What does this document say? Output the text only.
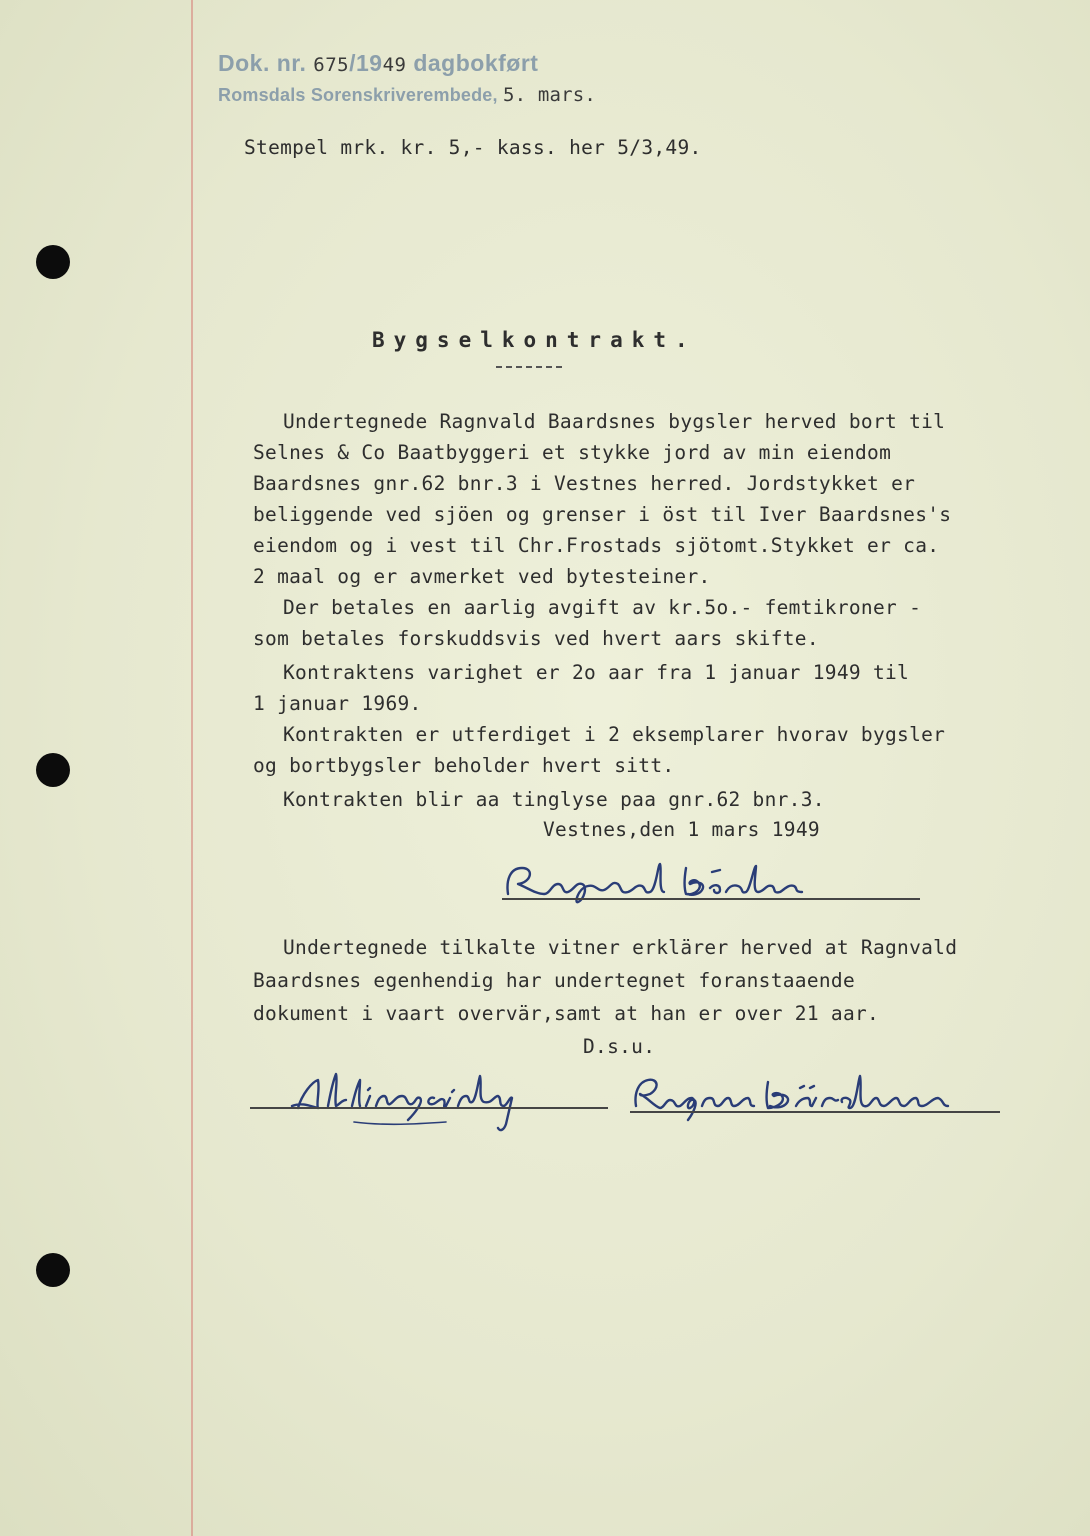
Dok. nr. 675/1949 dagbokført
Romsdals Sorenskriverembede, 5. mars.
Stempel mrk. kr. 5,- kass. her 5/3,49.
Bygselkontrakt.
Undertegnede Ragnvald Baardsnes bygsler herved bort til
Selnes & Co Baatbyggeri et stykke jord av min eiendom
Baardsnes gnr.62 bnr.3 i Vestnes herred. Jordstykket er
beliggende ved sjöen og grenser i öst til Iver Baardsnes's
eiendom og i vest til Chr.Frostads sjötomt.Stykket er ca.
2 maal og er avmerket ved bytesteiner.
Der betales en aarlig avgift av kr.5o.- femtikroner -
som betales forskuddsvis ved hvert aars skifte.
Kontraktens varighet er 2o aar fra 1 januar 1949 til
1 januar 1969.
Kontrakten er utferdiget i 2 eksemplarer hvorav bygsler
og bortbygsler beholder hvert sitt.
Kontrakten blir aa tinglyse paa gnr.62 bnr.3.
Vestnes,den 1 mars 1949
Undertegnede tilkalte vitner erklärer herved at Ragnvald
Baardsnes egenhendig har undertegnet foranstaaende
dokument i vaart overvär,samt at han er over 21 aar.
D.s.u.
